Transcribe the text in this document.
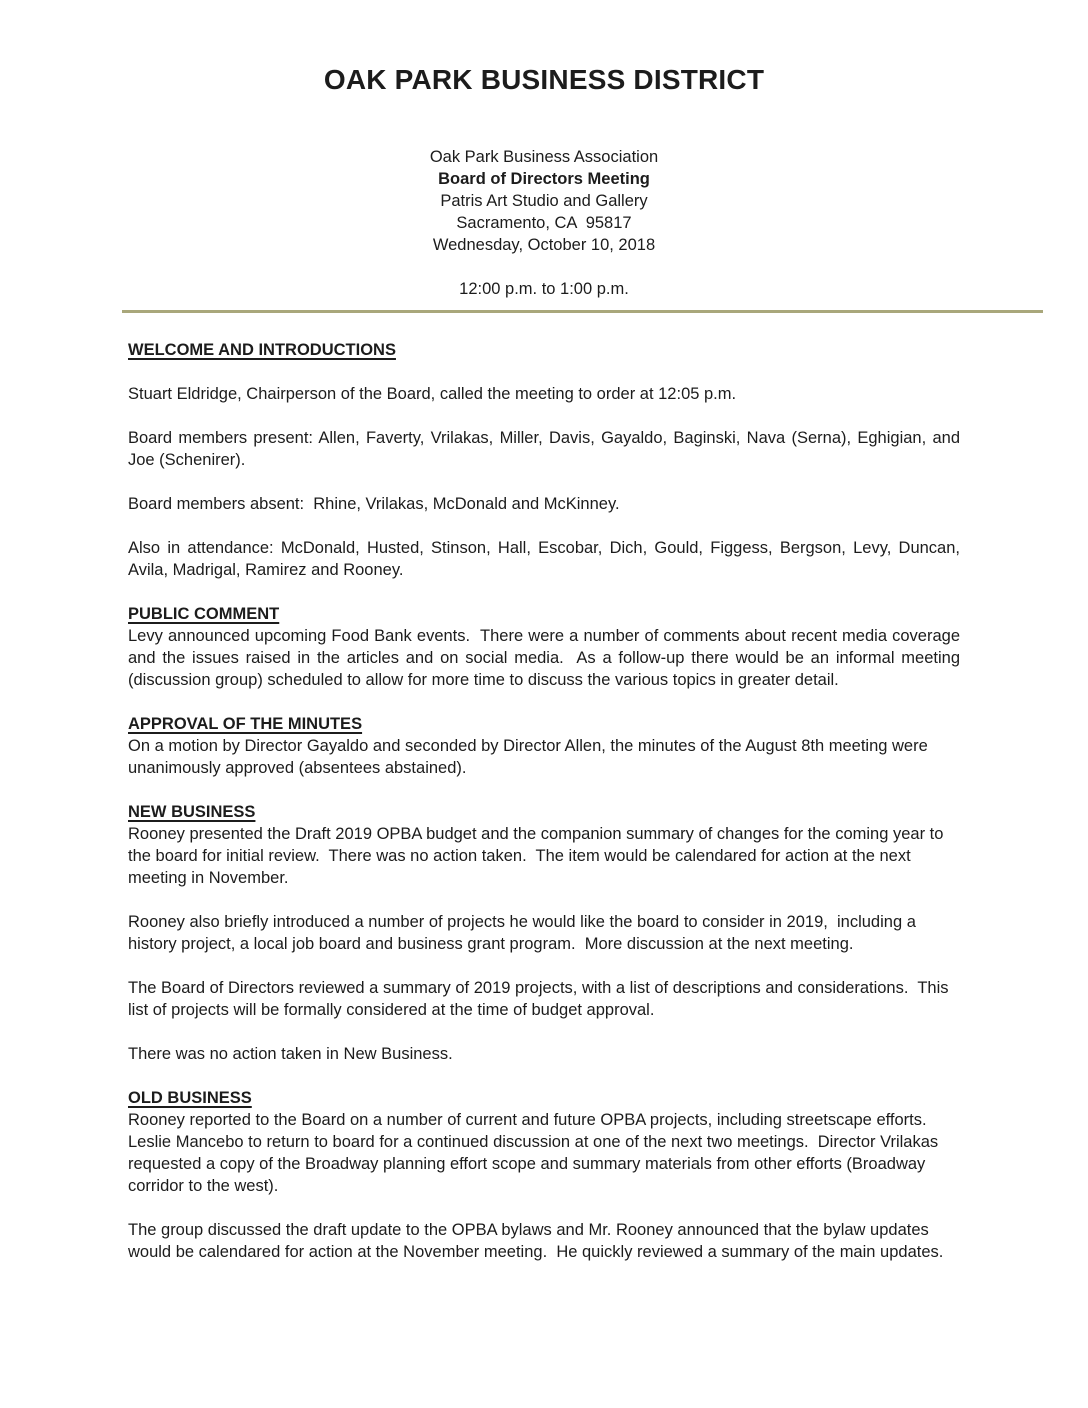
OAK PARK BUSINESS DISTRICT
Oak Park Business Association
Board of Directors Meeting
Patris Art Studio and Gallery
Sacramento, CA  95817
Wednesday, October 10, 2018
12:00 p.m. to 1:00 p.m.
WELCOME AND INTRODUCTIONS

Stuart Eldridge, Chairperson of the Board, called the meeting to order at 12:05 p.m.

Board members present: Allen, Faverty, Vrilakas, Miller, Davis, Gayaldo, Baginski, Nava (Serna), Eghigian, and Joe (Schenirer).

Board members absent:  Rhine, Vrilakas, McDonald and McKinney.

Also in attendance: McDonald, Husted, Stinson, Hall, Escobar, Dich, Gould, Figgess, Bergson, Levy, Duncan, Avila, Madrigal, Ramirez and Rooney.

PUBLIC COMMENT

Levy announced upcoming Food Bank events.  There were a number of comments about recent media coverage and the issues raised in the articles and on social media.  As a follow-up there would be an informal meeting (discussion group) scheduled to allow for more time to discuss the various topics in greater detail.

APPROVAL OF THE MINUTES

On a motion by Director Gayaldo and seconded by Director Allen, the minutes of the August 8th meeting were unanimously approved (absentees abstained).

NEW BUSINESS

Rooney presented the Draft 2019 OPBA budget and the companion summary of changes for the coming year to the board for initial review.  There was no action taken.  The item would be calendared for action at the next meeting in November.

Rooney also briefly introduced a number of projects he would like the board to consider in 2019,  including a history project, a local job board and business grant program.  More discussion at the next meeting.

The Board of Directors reviewed a summary of 2019 projects, with a list of descriptions and considerations.  This list of projects will be formally considered at the time of budget approval.

There was no action taken in New Business.

OLD BUSINESS

Rooney reported to the Board on a number of current and future OPBA projects, including streetscape efforts.  Leslie Mancebo to return to board for a continued discussion at one of the next two meetings.  Director Vrilakas requested a copy of the Broadway planning effort scope and summary materials from other efforts (Broadway corridor to the west).

The group discussed the draft update to the OPBA bylaws and Mr. Rooney announced that the bylaw updates would be calendared for action at the November meeting.  He quickly reviewed a summary of the main updates.
